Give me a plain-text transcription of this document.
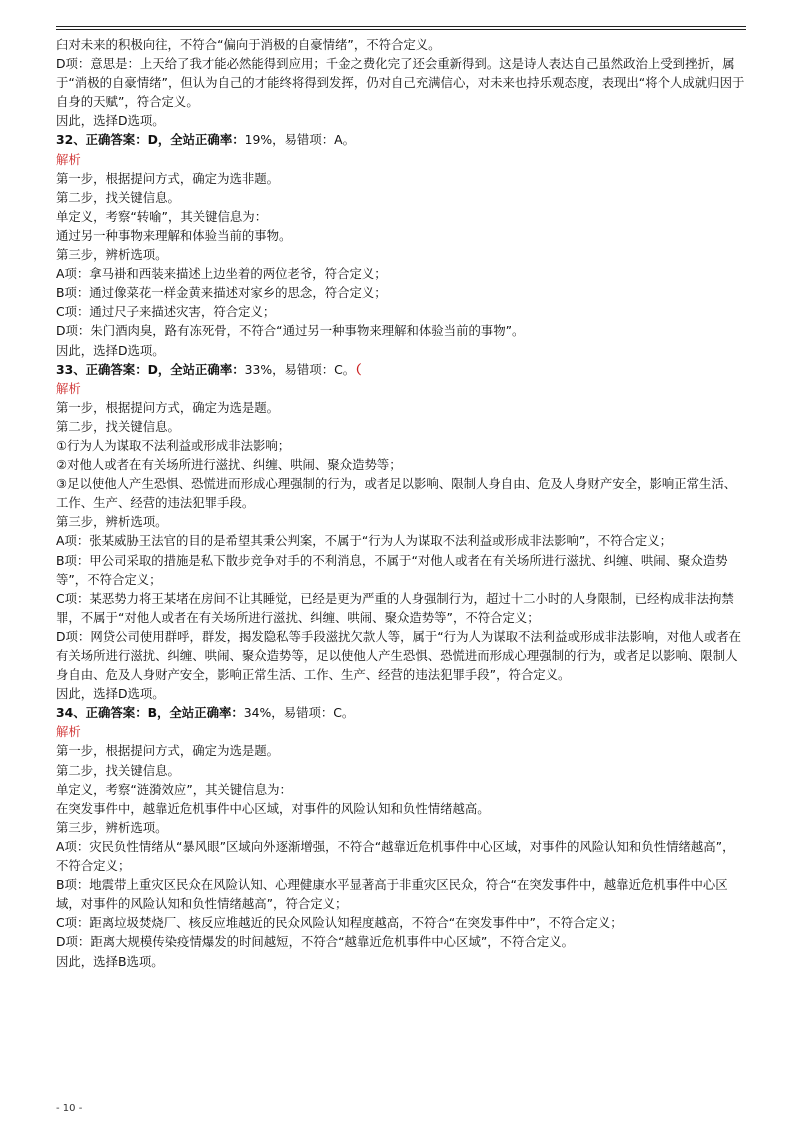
臼对未来的积极向往，不符合“偏向于消极的自豪情绪”，不符合定义。

D项：意思是：上天给了我才能必然能得到应用；千金之费化完了还会重新得到。这是诗人表达自己虽然政治上受到挫折，属于“消极的自豪情绪”，但认为自己的才能终将得到发挥，仍对自己充满信心，对未来也持乐观态度，表现出“将个人成就归因于自身的天赋”，符合定义。

因此，选择D选项。

32、正确答案：D，全站正确率：19%，易错项：A。

解析

第一步，根据提问方式，确定为选非题。

第二步，找关键信息。

单定义，考察“转喻”，其关键信息为：

通过另一种事物来理解和体验当前的事物。

第三步，辨析选项。

A项：拿马褂和西装来描述上边坐着的两位老爷，符合定义；

B项：通过像菜花一样金黄来描述对家乡的思念，符合定义；

C项：通过尺子来描述灾害，符合定义；

D项：朱门酒肉臭，路有冻死骨，不符合“通过另一种事物来理解和体验当前的事物”。

因此，选择D选项。

33、正确答案：D，全站正确率：33%，易错项：C。（

解析

第一步，根据提问方式，确定为选是题。

第二步，找关键信息。

①行为人为谋取不法利益或形成非法影响；

②对他人或者在有关场所进行滋扰、纠缠、哄闹、聚众造势等；

③足以使他人产生恐惧、恐慌进而形成心理强制的行为，或者足以影响、限制人身自由、危及人身财产安全，影响正常生活、工作、生产、经营的违法犯罪手段。

第三步，辨析选项。

A项：张某威胁王法官的目的是希望其秉公判案，不属于“行为人为谋取不法利益或形成非法影响”，不符合定义；

B项：甲公司采取的措施是私下散步竞争对手的不利消息，不属于“对他人或者在有关场所进行滋扰、纠缠、哄闹、聚众造势等”，不符合定义；

C项：某恶势力将王某堵在房间不让其睡觉，已经是更为严重的人身强制行为，超过十二小时的人身限制，已经构成非法拘禁罪，不属于“对他人或者在有关场所进行滋扰、纠缠、哄闹、聚众造势等”，不符合定义；

D项：网贷公司使用群呼，群发，揭发隐私等手段滋扰欠款人等，属于“行为人为谋取不法利益或形成非法影响，对他人或者在有关场所进行滋扰、纠缠、哄闹、聚众造势等，足以使他人产生恐惧、恐慌进而形成心理强制的行为，或者足以影响、限制人身自由、危及人身财产安全，影响正常生活、工作、生产、经营的违法犯罪手段”，符合定义。

因此，选择D选项。

34、正确答案：B，全站正确率：34%，易错项：C。

解析

第一步，根据提问方式，确定为选是题。

第二步，找关键信息。

单定义，考察“涟漪效应”，其关键信息为：

在突发事件中，越靠近危机事件中心区域，对事件的风险认知和负性情绪越高。

第三步，辨析选项。

A项：灾民负性情绪从“暴风眼”区域向外逐渐增强，不符合“越靠近危机事件中心区域，对事件的风险认知和负性情绪越高”，不符合定义；

B项：地震带上重灾区民众在风险认知、心理健康水平显著高于非重灾区民众，符合“在突发事件中，越靠近危机事件中心区域，对事件的风险认知和负性情绪越高”，符合定义；

C项：距离垃圾焚烧厂、核反应堆越近的民众风险认知程度越高，不符合“在突发事件中”，不符合定义；

D项：距离大规模传染疫情爆发的时间越短，不符合“越靠近危机事件中心区域”，不符合定义。

因此，选择B选项。

- 10 -
